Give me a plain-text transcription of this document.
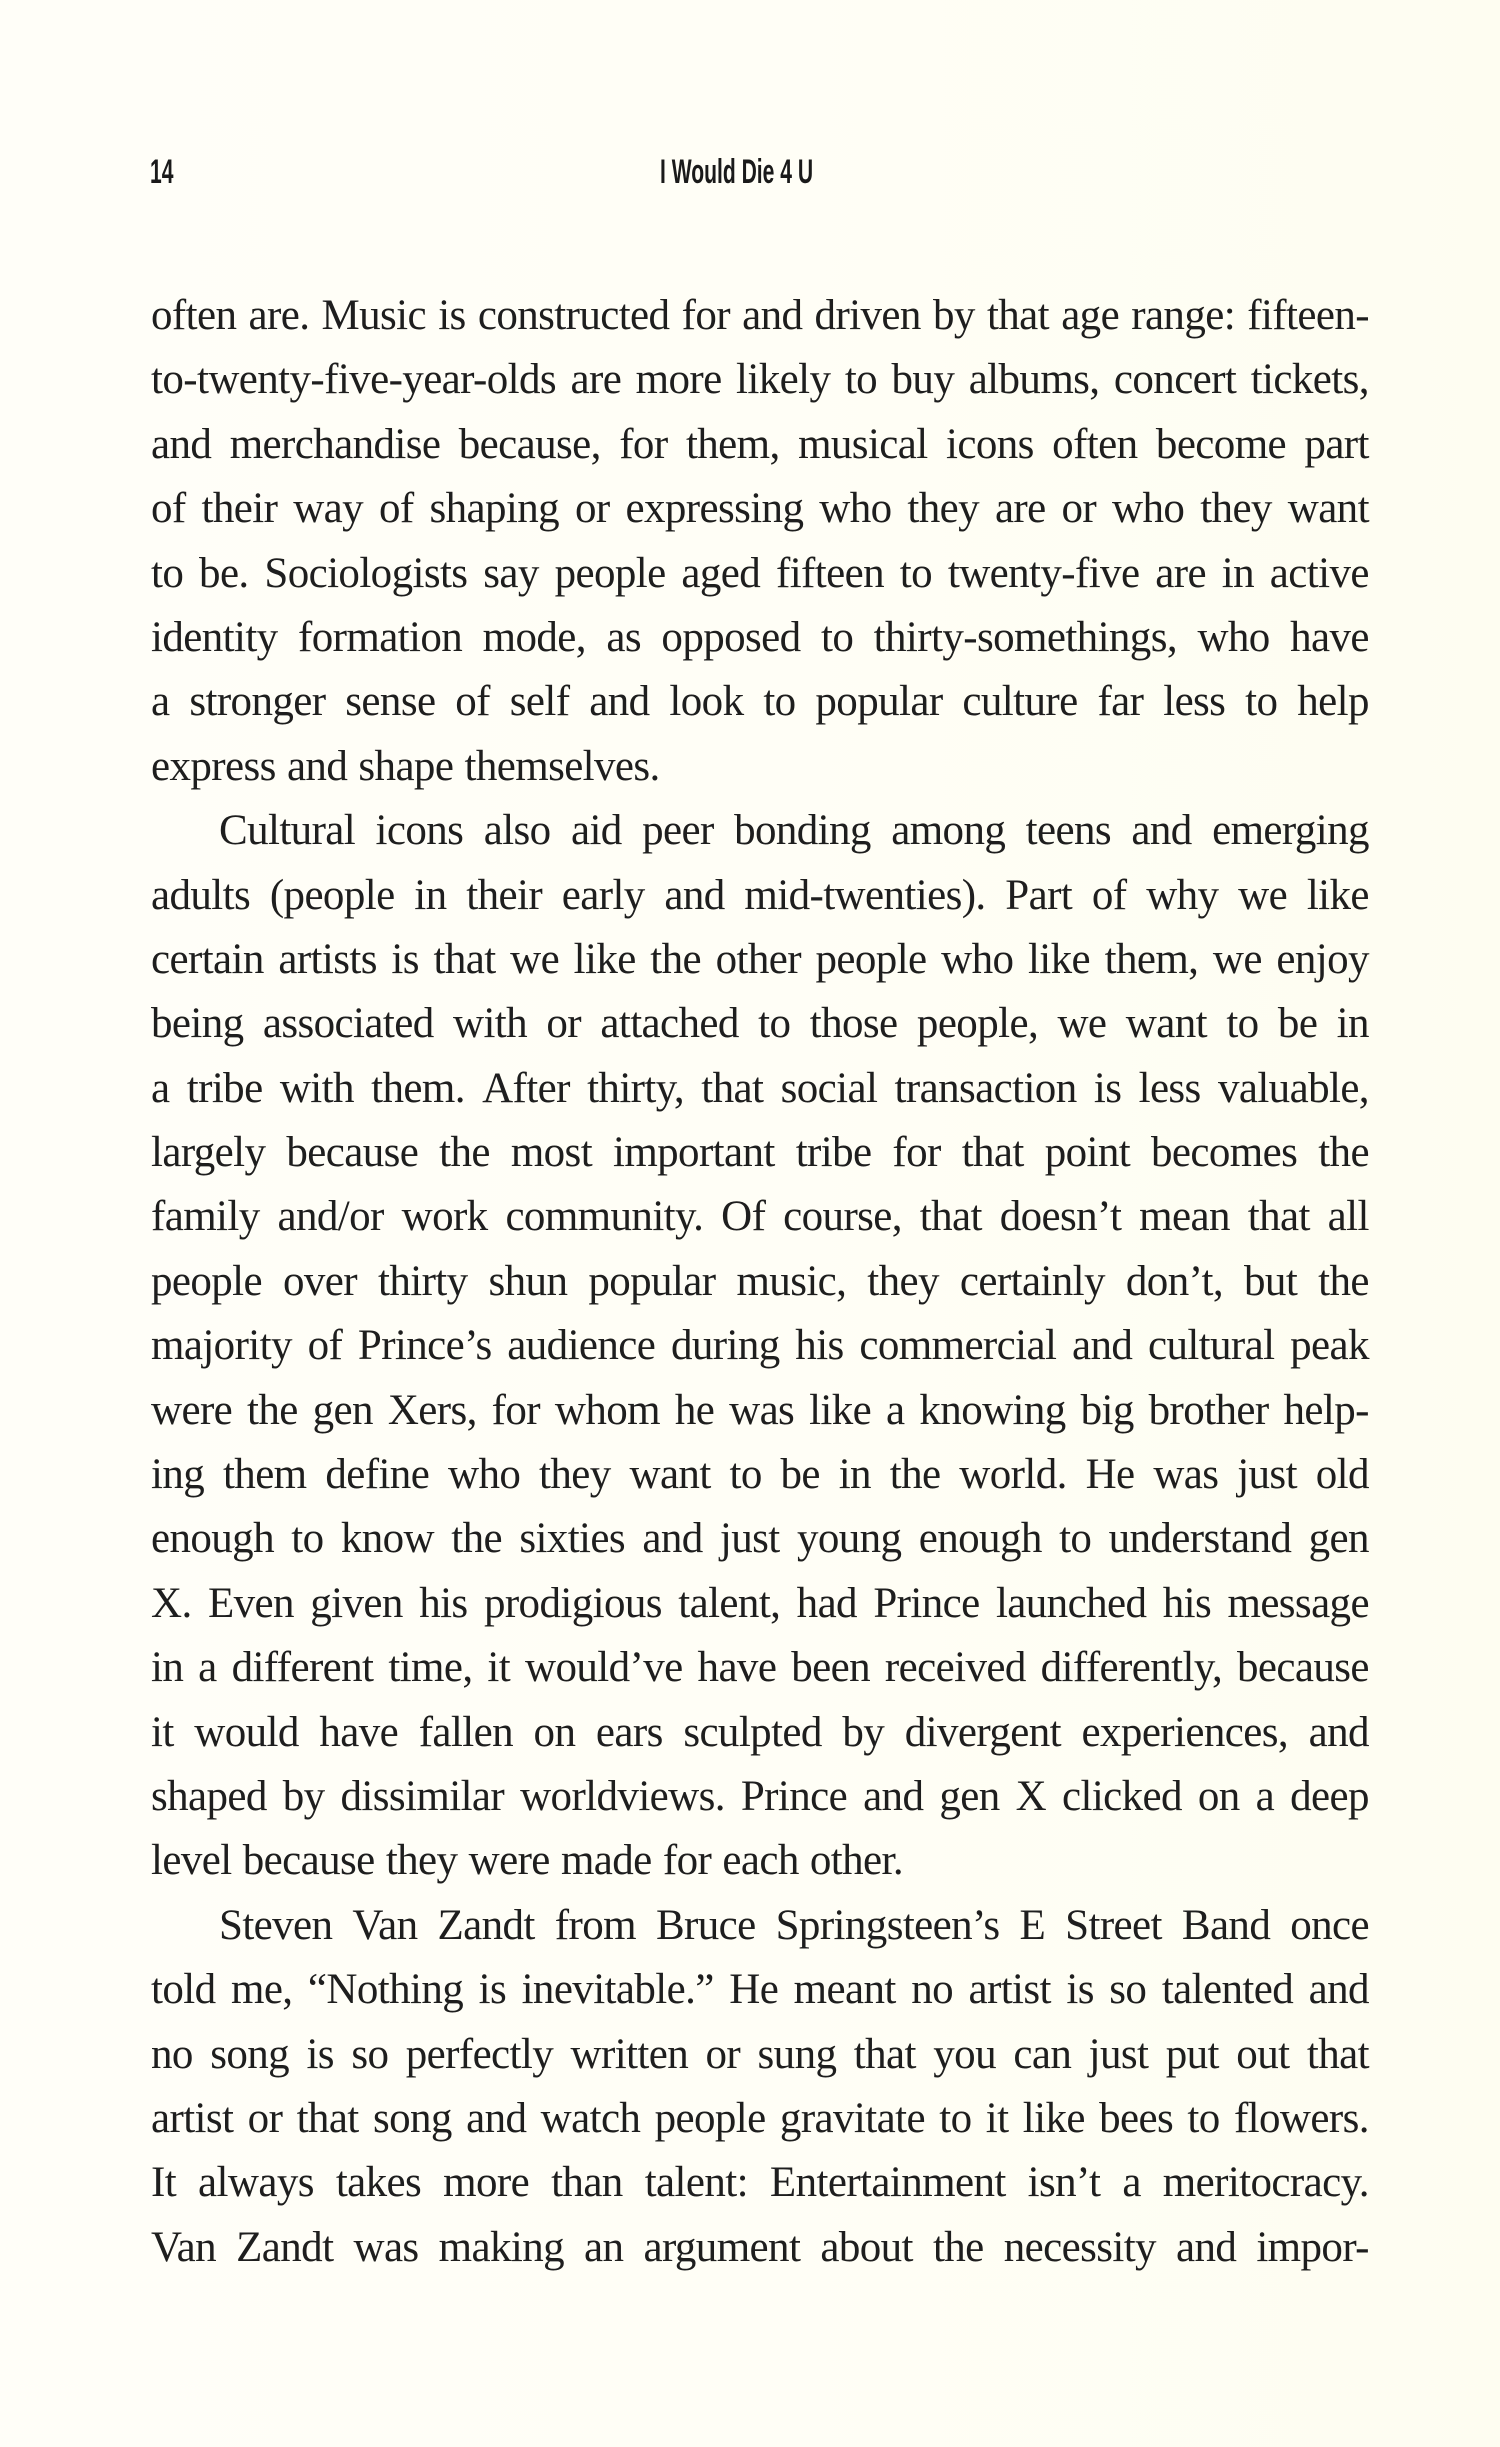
14	I Would Die 4 U
often are. Music is constructed for and driven by that age range: fifteen-
to-twenty-five-year-olds are more likely to buy albums, concert tickets,
and merchandise because, for them, musical icons often become part
of their way of shaping or expressing who they are or who they want
to be. Sociologists say people aged fifteen to twenty-five are in active
identity formation mode, as opposed to thirty-somethings, who have
a stronger sense of self and look to popular culture far less to help
express and shape themselves.
Cultural icons also aid peer bonding among teens and emerging
adults (people in their early and mid-twenties). Part of why we like
certain artists is that we like the other people who like them, we enjoy
being associated with or attached to those people, we want to be in
a tribe with them. After thirty, that social transaction is less valuable,
largely because the most important tribe for that point becomes the
family and/or work community. Of course, that doesn’t mean that all
people over thirty shun popular music, they certainly don’t, but the
majority of Prince’s audience during his commercial and cultural peak
were the gen Xers, for whom he was like a knowing big brother help-
ing them define who they want to be in the world. He was just old
enough to know the sixties and just young enough to understand gen
X. Even given his prodigious talent, had Prince launched his message
in a different time, it would’ve have been received differently, because
it would have fallen on ears sculpted by divergent experiences, and
shaped by dissimilar worldviews. Prince and gen X clicked on a deep
level because they were made for each other.
Steven Van Zandt from Bruce Springsteen’s E Street Band once
told me, “Nothing is inevitable.” He meant no artist is so talented and
no song is so perfectly written or sung that you can just put out that
artist or that song and watch people gravitate to it like bees to flowers.
It always takes more than talent: Entertainment isn’t a meritocracy.
Van Zandt was making an argument about the necessity and impor-
